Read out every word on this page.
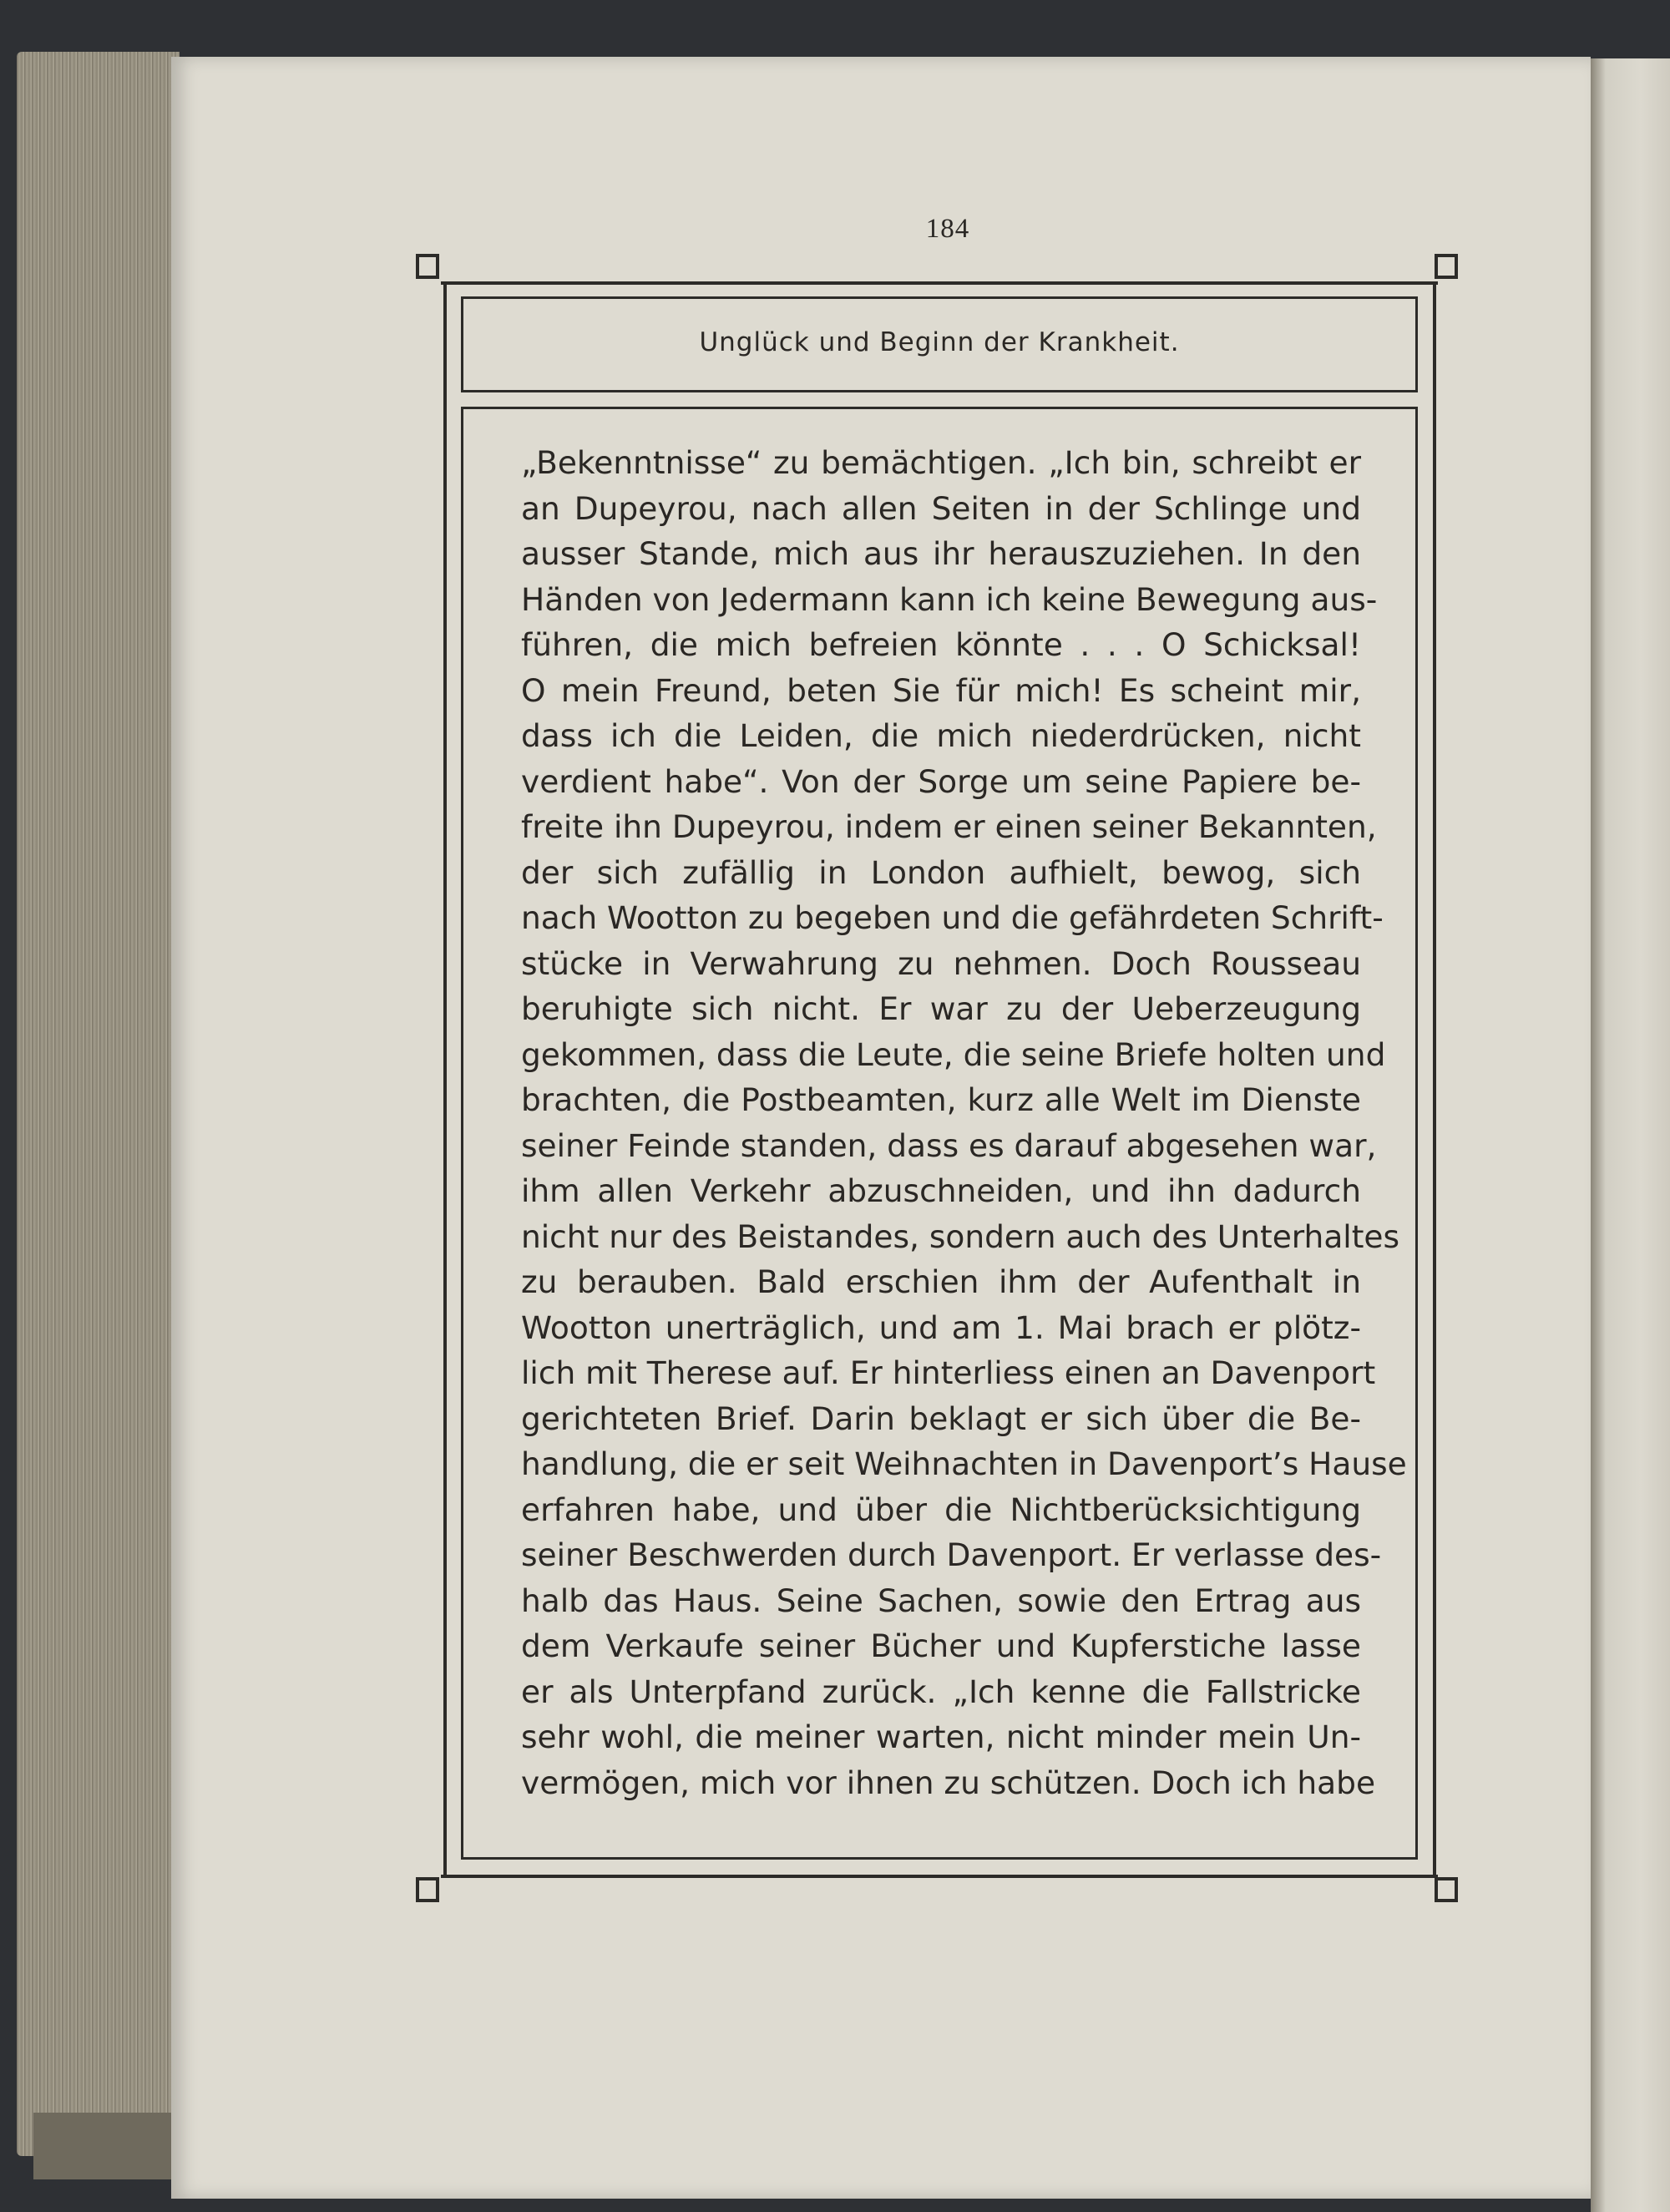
184
Unglück und Beginn der Krankheit.
„Bekenntnisse“ zu bemächtigen. „Ich bin, schreibt er
an Dupeyrou, nach allen Seiten in der Schlinge und
ausser Stande, mich aus ihr herauszuziehen. In den
Händen von Jedermann kann ich keine Bewegung aus-
führen, die mich befreien könnte . . . O Schicksal!
O mein Freund, beten Sie für mich! Es scheint mir,
dass ich die Leiden, die mich niederdrücken, nicht
verdient habe“. Von der Sorge um seine Papiere be-
freite ihn Dupeyrou, indem er einen seiner Bekannten,
der sich zufällig in London aufhielt, bewog, sich
nach Wootton zu begeben und die gefährdeten Schrift-
stücke in Verwahrung zu nehmen. Doch Rousseau
beruhigte sich nicht. Er war zu der Ueberzeugung
gekommen, dass die Leute, die seine Briefe holten und
brachten, die Postbeamten, kurz alle Welt im Dienste
seiner Feinde standen, dass es darauf abgesehen war,
ihm allen Verkehr abzuschneiden, und ihn dadurch
nicht nur des Beistandes, sondern auch des Unterhaltes
zu berauben. Bald erschien ihm der Aufenthalt in
Wootton unerträglich, und am 1. Mai brach er plötz-
lich mit Therese auf. Er hinterliess einen an Davenport
gerichteten Brief. Darin beklagt er sich über die Be-
handlung, die er seit Weihnachten in Davenport’s Hause
erfahren habe, und über die Nichtberücksichtigung
seiner Beschwerden durch Davenport. Er verlasse des-
halb das Haus. Seine Sachen, sowie den Ertrag aus
dem Verkaufe seiner Bücher und Kupferstiche lasse
er als Unterpfand zurück. „Ich kenne die Fallstricke
sehr wohl, die meiner warten, nicht minder mein Un-
vermögen, mich vor ihnen zu schützen. Doch ich habe
